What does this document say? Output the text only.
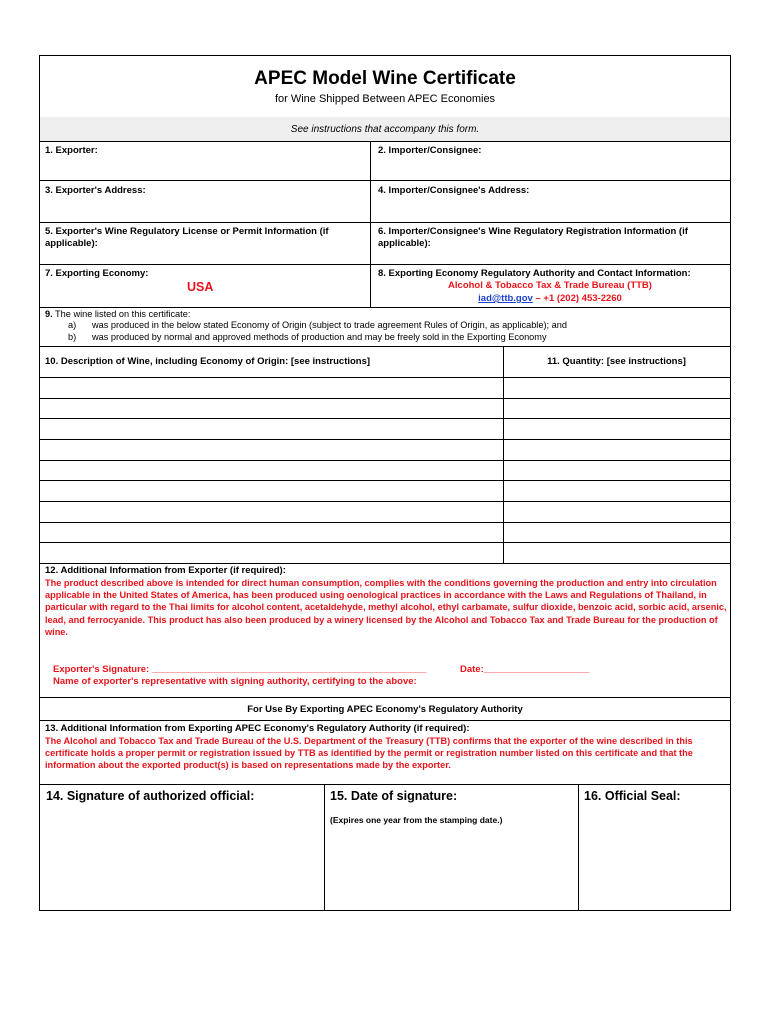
APEC Model Wine Certificate
for Wine Shipped Between APEC Economies
See instructions that accompany this form.
1. Exporter:	2. Importer/Consignee:
3. Exporter's Address:	4. Importer/Consignee's Address:
5. Exporter's Wine Regulatory License or Permit Information (if applicable):
6. Importer/Consignee's Wine Regulatory Registration Information (if applicable):
7. Exporting Economy:
USA
8. Exporting Economy Regulatory Authority and Contact Information:
Alcohol & Tobacco Tax & Trade Bureau (TTB)
iad@ttb.gov – +1 (202) 453-2260
9. The wine listed on this certificate:
a) was produced in the below stated Economy of Origin (subject to trade agreement Rules of Origin, as applicable); and
b) was produced by normal and approved methods of production and may be freely sold in the Exporting Economy
10. Description of Wine, including Economy of Origin: [see instructions]	11. Quantity: [see instructions]
12. Additional Information from Exporter (if required):
The product described above is intended for direct human consumption, complies with the conditions governing the production and entry into circulation applicable in the United States of America, has been produced using oenological practices in accordance with the Laws and Regulations of Thailand, in particular with regard to the Thai limits for alcohol content, acetaldehyde, methyl alcohol, ethyl carbamate, sulfur dioxide, benzoic acid, sorbic acid, arsenic, lead, and ferrocyanide. This product has also been produced by a winery licensed by the Alcohol and Tobacco Tax and Trade Bureau for the production of wine.
Exporter's Signature: ____________________________________________________	Date:____________________
Name of exporter's representative with signing authority, certifying to the above:
For Use By Exporting APEC Economy's Regulatory Authority
13. Additional Information from Exporting APEC Economy's Regulatory Authority (if required):
The Alcohol and Tobacco Tax and Trade Bureau of the U.S. Department of the Treasury (TTB) confirms that the exporter of the wine described in this certificate holds a proper permit or registration issued by TTB as identified by the permit or registration number listed on this certificate and that the information about the exported product(s) is based on representations made by the exporter.
14. Signature of authorized official:	15. Date of signature:
(Expires one year from the stamping date.)
16. Official Seal:
